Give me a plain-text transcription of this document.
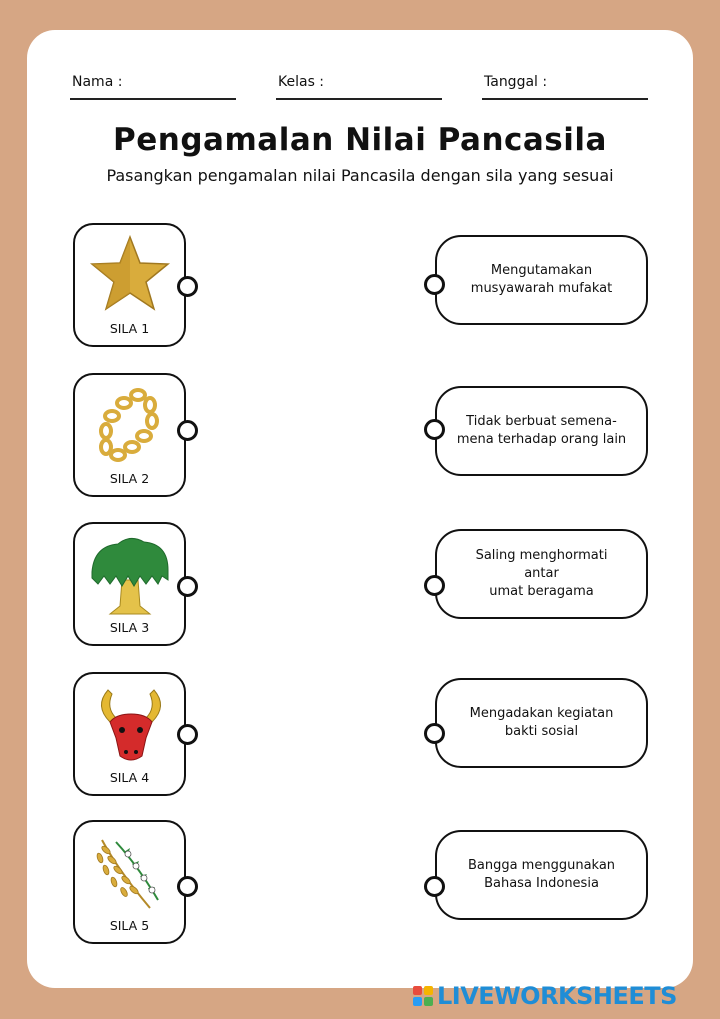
Nama :	Kelas :	Tanggal :
Pengamalan Nilai Pancasila
Pasangkan pengamalan nilai Pancasila dengan sila yang sesuai
SILA 1
SILA 2
SILA 3
SILA 4
SILA 5
Mengutamakan
musyawarah mufakat
Tidak berbuat semena-
mena terhadap orang lain
Saling menghormati antar
umat beragama
Mengadakan kegiatan
bakti sosial
Bangga menggunakan
Bahasa Indonesia
LIVEWORKSHEETS
